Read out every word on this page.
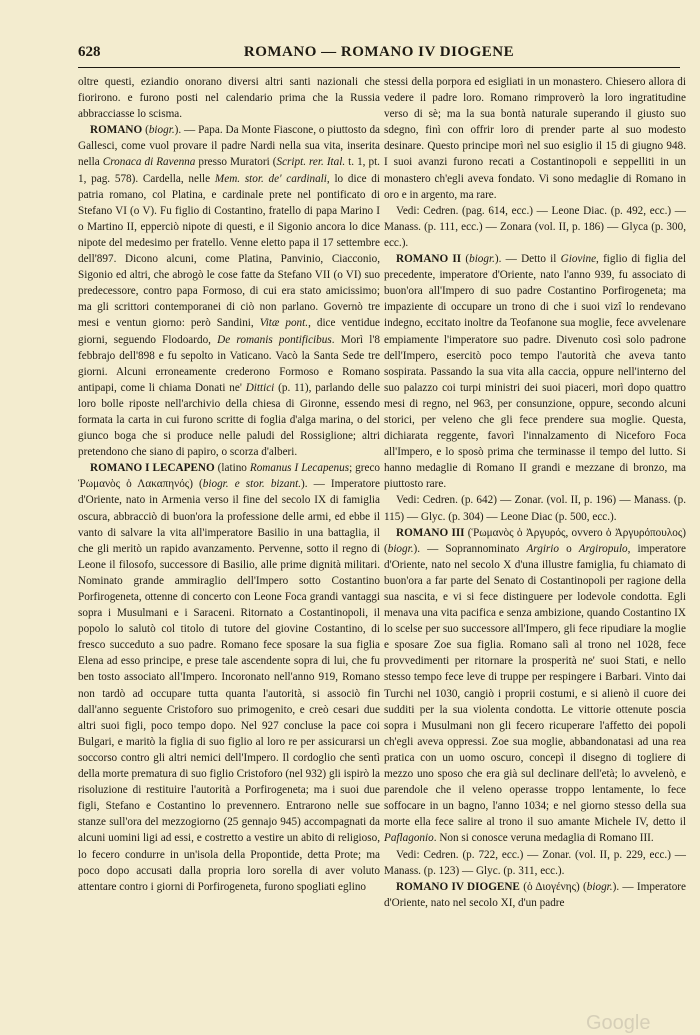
628	ROMANO — ROMANO IV DIOGENE

oltre questi, eziandio onorano diversi altri santi nazionali che fiorirono. e furono posti nel calendario prima che la Russia abbracciasse lo scisma.

ROMANO (biogr.). — Papa. Da Monte Fiascone, o piuttosto da Gallesci, come vuol provare il padre Nardi nella sua vita, inserita nella Cronaca di Ravenna presso Muratori (Script. rer. Ital. t. 1, pt. 1, pag. 578). Cardella, nelle Mem. stor. de' cardinali, lo dice di patria romano, col Platina, e cardinale prete nel pontificato di Stefano VI (o V). Fu figlio di Costantino, fratello di papa Marino I o Martino II, epperciò nipote di questi, e il Sigonio ancora lo dice nipote del medesimo per fratello. Venne eletto papa il 17 settembre dell'897. Dicono alcuni, come Platina, Panvinio, Ciacconio, Sigonio ed altri, che abrogò le cose fatte da Stefano VII (o VI) suo predecessore, contro papa Formoso, di cui era stato amicissimo; ma gli scrittori contemporanei di ciò non parlano. Governò tre mesi e ventun giorno: però Sandini, Vitæ pont., dice ventidue giorni, seguendo Flodoardo, De romanis pontificibus. Morì l'8 febbrajo dell'898 e fu sepolto in Vaticano. Vacò la Santa Sede tre giorni. Alcuni erroneamente crederono Formoso e Romano antipapi, come li chiama Donati ne' Dittici (p. 11), parlando delle loro bolle riposte nell'archivio della chiesa di Gironne, essendo formata la carta in cui furono scritte di foglia d'alga marina, o del giunco boga che si produce nelle paludi del Rossiglione; altri pretendono che siano di papiro, o scorza d'alberi.

ROMANO I LECAPENO (latino Romanus I Lecapenus; greco Ῥωμανὸς ὁ Λακαπηνός) (biogr. e stor. bizant.). — Imperatore d'Oriente, nato in Armenia verso il fine del secolo IX di famiglia oscura, abbracciò di buon'ora la professione delle armi, ed ebbe il vanto di salvare la vita all'imperatore Basilio in una battaglia, il che gli meritò un rapido avanzamento. Pervenne, sotto il regno di Leone il filosofo, successore di Basilio, alle prime dignità militari. Nominato grande ammiraglio dell'Impero sotto Costantino Porfirogeneta, ottenne di concerto con Leone Foca grandi vantaggi sopra i Musulmani e i Saraceni. Ritornato a Costantinopoli, il popolo lo salutò col titolo di tutore del giovine Costantino, di fresco succeduto a suo padre. Romano fece sposare la sua figlia Elena ad esso principe, e prese tale ascendente sopra di lui, che fu ben tosto associato all'Impero. Incoronato nell'anno 919, Romano non tardò ad occupare tutta quanta l'autorità, si associò fin dall'anno seguente Cristoforo suo primogenito, e creò cesari due altri suoi figli, poco tempo dopo. Nel 927 concluse la pace coi Bulgari, e maritò la figlia di suo figlio al loro re per assicurarsi un soccorso contro gli altri nemici dell'Impero. Il cordoglio che sentì della morte prematura di suo figlio Cristoforo (nel 932) gli ispirò la risoluzione di restituire l'autorità a Porfirogeneta; ma i suoi due figli, Stefano e Costantino lo prevennero. Entrarono nelle sue stanze sull'ora del mezzogiorno (25 gennajo 945) accompagnati da alcuni uomini ligi ad essi, e costretto a vestire un abito di religioso, lo fecero condurre in un'isola della Propontide, detta Prote; ma poco dopo accusati dalla propria loro sorella di aver voluto attentare contro i giorni di Porfirogeneta, furono spogliati eglino

stessi della porpora ed esigliati in un monastero. Chiesero allora di vedere il padre loro. Romano rimproverò la loro ingratitudine verso di sè; ma la sua bontà naturale superando il giusto suo sdegno, finì con offrir loro di prender parte al suo modesto desinare. Questo principe morì nel suo esiglio il 15 di giugno 948. I suoi avanzi furono recati a Costantinopoli e seppelliti in un monastero ch'egli aveva fondato. Vi sono medaglie di Romano in oro e in argento, ma rare.

Vedi: Cedren. (pag. 614, ecc.) — Leone Diac. (p. 492, ecc.) — Manass. (p. 111, ecc.) — Zonara (vol. II, p. 186) — Glyca (p. 300, ecc.).

ROMANO II (biogr.). — Detto il Giovine, figlio di figlia del precedente, imperatore d'Oriente, nato l'anno 939, fu associato di buon'ora all'Impero di suo padre Costantino Porfirogeneta; ma impaziente di occupare un trono di che i suoi vizî lo rendevano indegno, eccitato inoltre da Teofanone sua moglie, fece avvelenare empiamente l'imperatore suo padre. Divenuto così solo padrone dell'Impero, esercitò poco tempo l'autorità che aveva tanto sospirata. Passando la sua vita alla caccia, oppure nell'interno del suo palazzo coi turpi ministri dei suoi piaceri, morì dopo quattro mesi di regno, nel 963, per consunzione, oppure, secondo alcuni storici, per veleno che gli fece prendere sua moglie. Questa, dichiarata reggente, favorì l'innalzamento di Niceforo Foca all'Impero, e lo sposò prima che terminasse il tempo del lutto. Si hanno medaglie di Romano II grandi e mezzane di bronzo, ma piuttosto rare.

Vedi: Cedren. (p. 642) — Zonar. (vol. II, p. 196) — Manass. (p. 115) — Glyc. (p. 304) — Leone Diac (p. 500, ecc.).

ROMANO III (Ῥωμανὸς ὁ Ἀργυρός, ovvero ὁ Ἀργυρόπουλος) (biogr.). — Soprannominato Argirio o Argiropulo, imperatore d'Oriente, nato nel secolo X d'una illustre famiglia, fu chiamato di buon'ora a far parte del Senato di Costantinopoli per ragione della sua nascita, e vi si fece distinguere per lodevole condotta. Egli menava una vita pacifica e senza ambizione, quando Costantino IX lo scelse per suo successore all'Impero, gli fece ripudiare la moglie e sposare Zoe sua figlia. Romano salì al trono nel 1028, fece provvedimenti per ritornare la prosperità ne' suoi Stati, e nello stesso tempo fece leve di truppe per respingere i Barbari. Vinto dai Turchi nel 1030, cangiò i proprii costumi, e si alienò il cuore dei sudditi per la sua violenta condotta. Le vittorie ottenute poscia sopra i Musulmani non gli fecero ricuperare l'affetto dei popoli ch'egli aveva oppressi. Zoe sua moglie, abbandonatasi ad una rea pratica con un uomo oscuro, concepì il disegno di togliere di mezzo uno sposo che era già sul declinare dell'età; lo avvelenò, e parendole che il veleno operasse troppo lentamente, lo fece soffocare in un bagno, l'anno 1034; e nel giorno stesso della sua morte ella fece salire al trono il suo amante Michele IV, detto il Paflagonio. Non si conosce veruna medaglia di Romano III.

Vedi: Cedren. (p. 722, ecc.) — Zonar. (vol. II, p. 229, ecc.) — Manass. (p. 123) — Glyc. (p. 311, ecc.).

ROMANO IV DIOGENE (ὁ Διογένης) (biogr.). — Imperatore d'Oriente, nato nel secolo XI, d'un padre

Google
